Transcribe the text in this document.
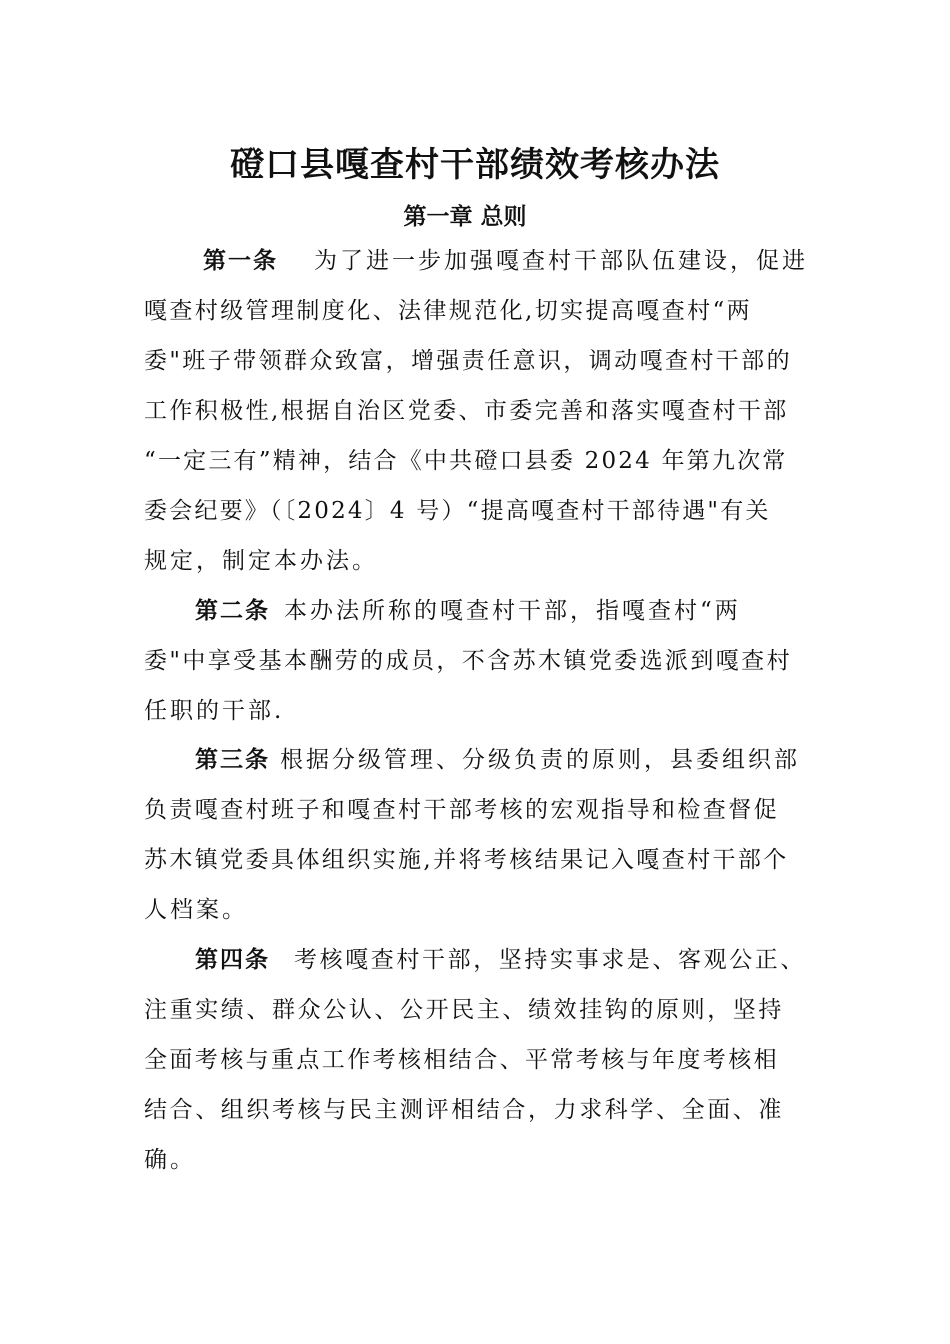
磴口县嘎查村干部绩效考核办法
第一章 总则
第一条 为了进一步加强嘎查村干部队伍建设，促进
嘎查村级管理制度化、法律规范化,切实提高嘎查村“两
委"班子带领群众致富，增强责任意识，调动嘎查村干部的
工作积极性,根据自治区党委、市委完善和落实嘎查村干部
“一定三有”精神，结合《中共磴口县委 2024 年第九次常
委会纪要》（〔2024〕4 号）“提高嘎查村干部待遇"有关
规定，制定本办法。
第二条 本办法所称的嘎查村干部，指嘎查村“两
委"中享受基本酬劳的成员，不含苏木镇党委选派到嘎查村
任职的干部.
第三条 根据分级管理、分级负责的原则，县委组织部
负责嘎查村班子和嘎查村干部考核的宏观指导和检查督促
苏木镇党委具体组织实施,并将考核结果记入嘎查村干部个
人档案。
第四条 考核嘎查村干部，坚持实事求是、客观公正、
注重实绩、群众公认、公开民主、绩效挂钩的原则，坚持
全面考核与重点工作考核相结合、平常考核与年度考核相
结合、组织考核与民主测评相结合，力求科学、全面、准
确。
